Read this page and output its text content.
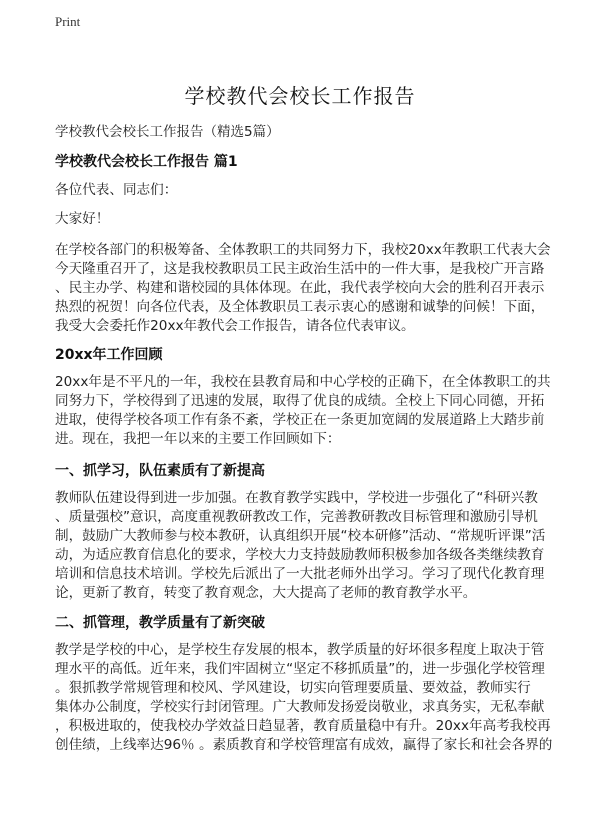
Print
学校教代会校长工作报告
学校教代会校长工作报告（精选5篇）
学校教代会校长工作报告 篇1
各位代表、同志们：
大家好！
在学校各部门的积极筹备、全体教职工的共同努力下，我校20xx年教职工代表大会
今天隆重召开了，这是我校教职员工民主政治生活中的一件大事，是我校广开言路
、民主办学、构建和谐校园的具体体现。在此，我代表学校向大会的胜利召开表示
热烈的祝贺！向各位代表，及全体教职员工表示衷心的感谢和诚挚的问候！下面，
我受大会委托作20xx年教代会工作报告，请各位代表审议。
20xx年工作回顾
20xx年是不平凡的一年，我校在县教育局和中心学校的正确下，在全体教职工的共
同努力下，学校得到了迅速的发展，取得了优良的成绩。全校上下同心同德，开拓
进取，使得学校各项工作有条不紊，学校正在一条更加宽阔的发展道路上大踏步前
进。现在，我把一年以来的主要工作回顾如下：
一、抓学习，队伍素质有了新提高
教师队伍建设得到进一步加强。在教育教学实践中，学校进一步强化了“科研兴教
、质量强校”意识，高度重视教研教改工作，完善教研教改目标管理和激励引导机
制，鼓励广大教师参与校本教研，认真组织开展“校本研修”活动、“常规听评课”活
动，为适应教育信息化的要求，学校大力支持鼓励教师积极参加各级各类继续教育
培训和信息技术培训。学校先后派出了一大批老师外出学习。学习了现代化教育理
论，更新了教育，转变了教育观念，大大提高了老师的教育教学水平。
二、抓管理，教学质量有了新突破
教学是学校的中心，是学校生存发展的根本，教学质量的好坏很多程度上取决于管
理水平的高低。近年来，我们牢固树立“坚定不移抓质量”的，进一步强化学校管理
。狠抓教学常规管理和校风、学风建设，切实向管理要质量、要效益，教师实行
集体办公制度，学校实行封闭管理。广大教师发扬爱岗敬业，求真务实，无私奉献
，积极进取的，使我校办学效益日趋显著，教育质量稳中有升。20xx年高考我校再
创佳绩，上线率达96％ 。素质教育和学校管理富有成效，赢得了家长和社会各界的
